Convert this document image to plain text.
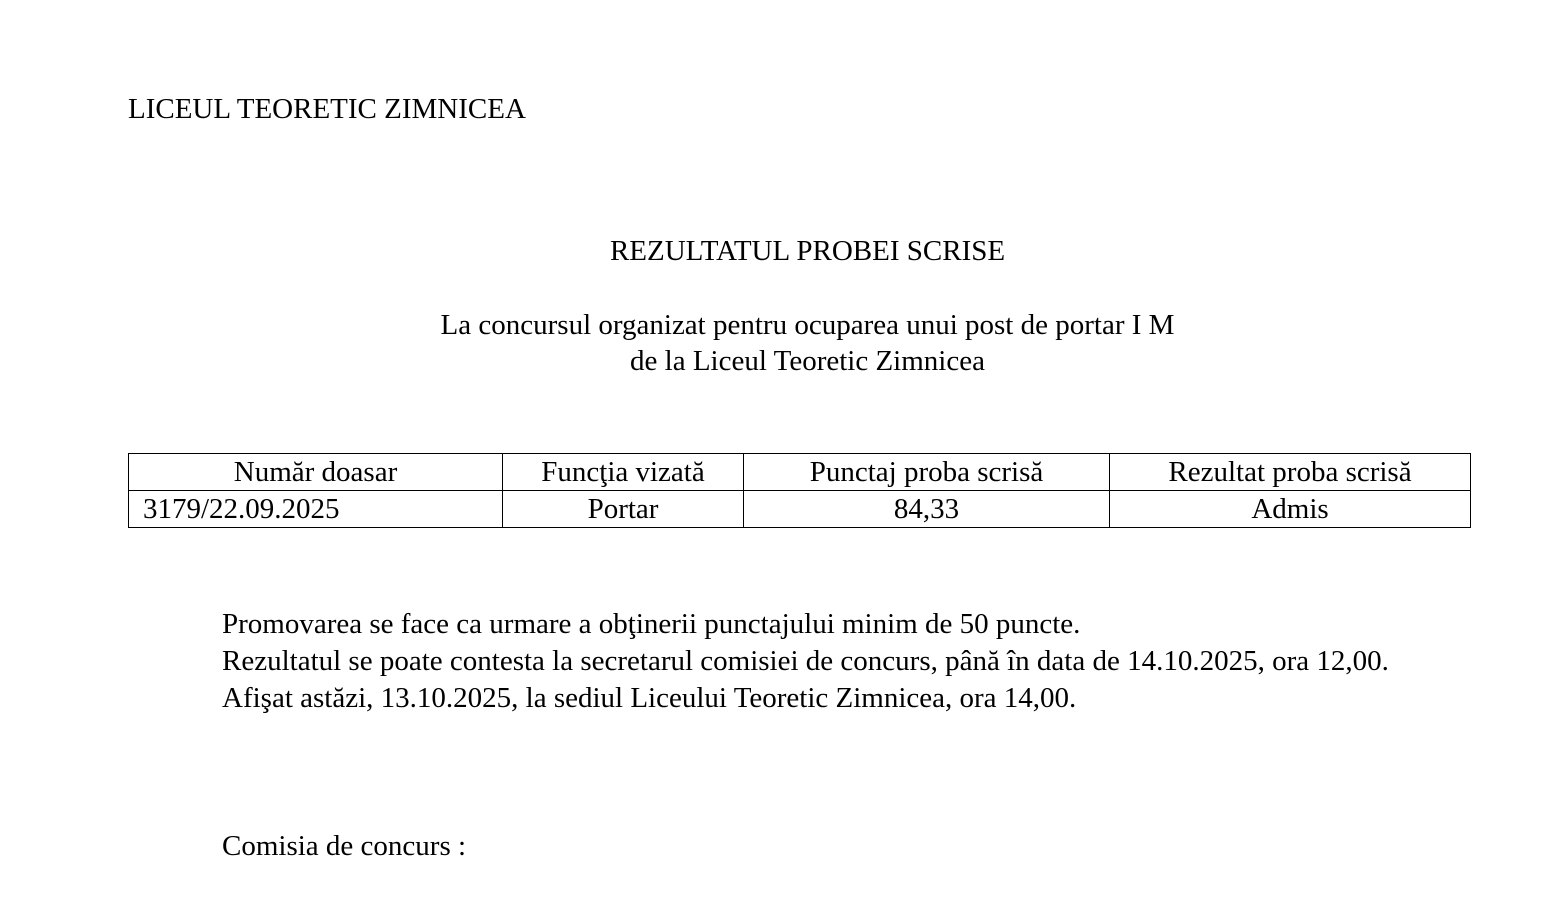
LICEUL TEORETIC ZIMNICEA
REZULTATUL PROBEI SCRISE
La concursul organizat pentru ocuparea unui post de portar I M
de la Liceul Teoretic Zimnicea
Număr doasar	Funcţia vizată	Punctaj proba scrisă	Rezultat proba scrisă
3179/22.09.2025	Portar	84,33	Admis
Promovarea se face ca urmare a obţinerii punctajului minim de 50 puncte.
Rezultatul se poate contesta la secretarul comisiei de concurs, până în data de 14.10.2025, ora 12,00.
Afişat astăzi, 13.10.2025, la sediul Liceului Teoretic Zimnicea, ora 14,00.
Comisia de concurs :
